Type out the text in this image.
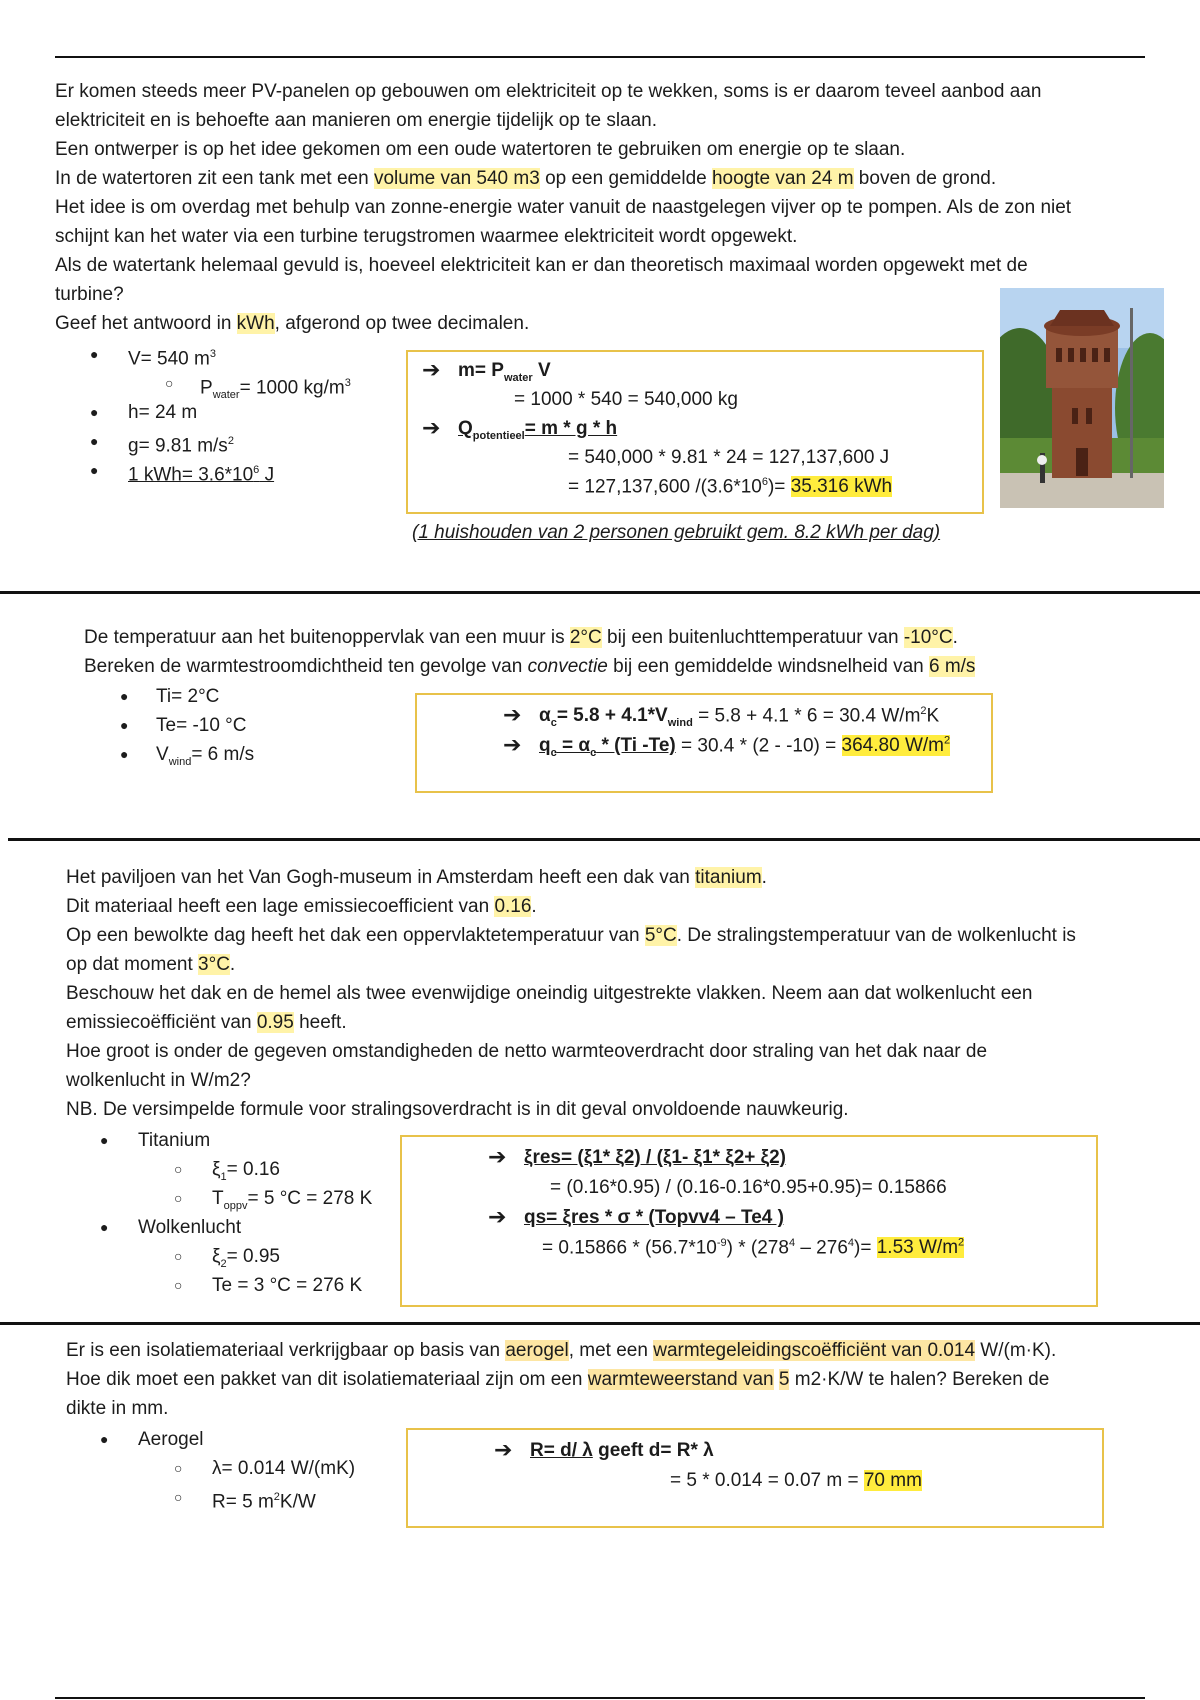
Er komen steeds meer PV-panelen op gebouwen om elektriciteit op te wekken, soms is er daarom teveel aanbod aan

elektriciteit en is behoefte aan manieren om energie tijdelijk op te slaan.

Een ontwerper is op het idee gekomen om een oude watertoren te gebruiken om energie op te slaan.

In de watertoren zit een tank met een volume van 540 m3 op een gemiddelde hoogte van 24 m boven de grond.

Het idee is om overdag met behulp van zonne-energie water vanuit de naastgelegen vijver op te pompen. Als de zon niet

schijnt kan het water via een turbine terugstromen waarmee elektriciteit wordt opgewekt.

Als de watertank helemaal gevuld is, hoeveel elektriciteit kan er dan theoretisch maximaal worden opgewekt met de

turbine?

Geef het antwoord in kWh, afgerond op twee decimalen.

● V= 540 $m^3$
○ $P_{water}= 1000$ $kg/m^3$
● h= 24 m
● g= 9.81 $m/s^2$
● 1 $kWh= 3.6*10^6$ J
➔ $m= P_{water}$ V
= 1000 * 540 = 540,000 kg
➔ $Q_{potentieel}= m * g * h$
= 540,000 * 9.81 * 24 = 127,137,600 J
= 127,137,600 $/(3.6*10^6)= 35.316$ kWh
(1 huishouden van 2 personen gebruikt gem. 8.2 kWh per dag)

De temperatuur aan het buitenoppervlak van een muur is 2°C bij een buitenluchttemperatuur van -10°C.

Bereken de warmtestroomdichtheid ten gevolge van convectie bij een gemiddelde windsnelheid van 6 m/s

● Ti= 2°C
● Te= -10 °C
● $V_{wind}= 6$ m/s
➔ $\alpha_c= 5.8 + 4.1*V_{wind} = 5.8 + 4.1 * 6 = 30.4$ $W/m^2K$
➔ $q_c = \alpha_c * (Ti$ -Te) = 30.4 * (2 - -10) = 364.80 $W/m^2$

Het paviljoen van het Van Gogh-museum in Amsterdam heeft een dak van titanium.

Dit materiaal heeft een lage emissiecoefficient van 0.16.

Op een bewolkte dag heeft het dak een oppervlaktetemperatuur van 5°C. De stralingstemperatuur van de wolkenlucht is

op dat moment 3°C.

Beschouw het dak en de hemel als twee evenwijdige oneindig uitgestrekte vlakken. Neem aan dat wolkenlucht een

emissiecoëfficiënt van 0.95 heeft.

Hoe groot is onder de gegeven omstandigheden de netto warmteoverdracht door straling van het dak naar de

wolkenlucht in W/m2?

NB. De versimpelde formule voor stralingsoverdracht is in dit geval onvoldoende nauwkeurig.

● Titanium
○ $\xi_1= 0.16$
○ $T_{oppv}= 5$ °C = 278 K
● Wolkenlucht
○ $\xi_2= 0.95$
○ Te = 3 °C = 276 K
➔ ξres= (ξ1* ξ2) / (ξ1- ξ1* ξ2+ ξ2)
= (0.16*0.95) / (0.16-0.16*0.95+0.95)= 0.15866
➔ qs= ξres * σ * (Topvv4 – Te4 )
= $0.15866 * (56.7*10^{-9}) * (278^4 - 276^4)= 1.53$ $W/m^2$

Er is een isolatiemateriaal verkrijgbaar op basis van aerogel, met een warmtegeleidingscoëfficiënt van 0.014 W/(m·K).

Hoe dik moet een pakket van dit isolatiemateriaal zijn om een warmteweerstand van 5 m2·K/W te halen? Bereken de

dikte in mm.

● Aerogel
○ λ= 0.014 W/(mK)
○ R= 5 $m^2K/W$
➔ R= d/ λ geeft d= R* λ
= 5 * 0.014 = 0.07 m = 70 mm
